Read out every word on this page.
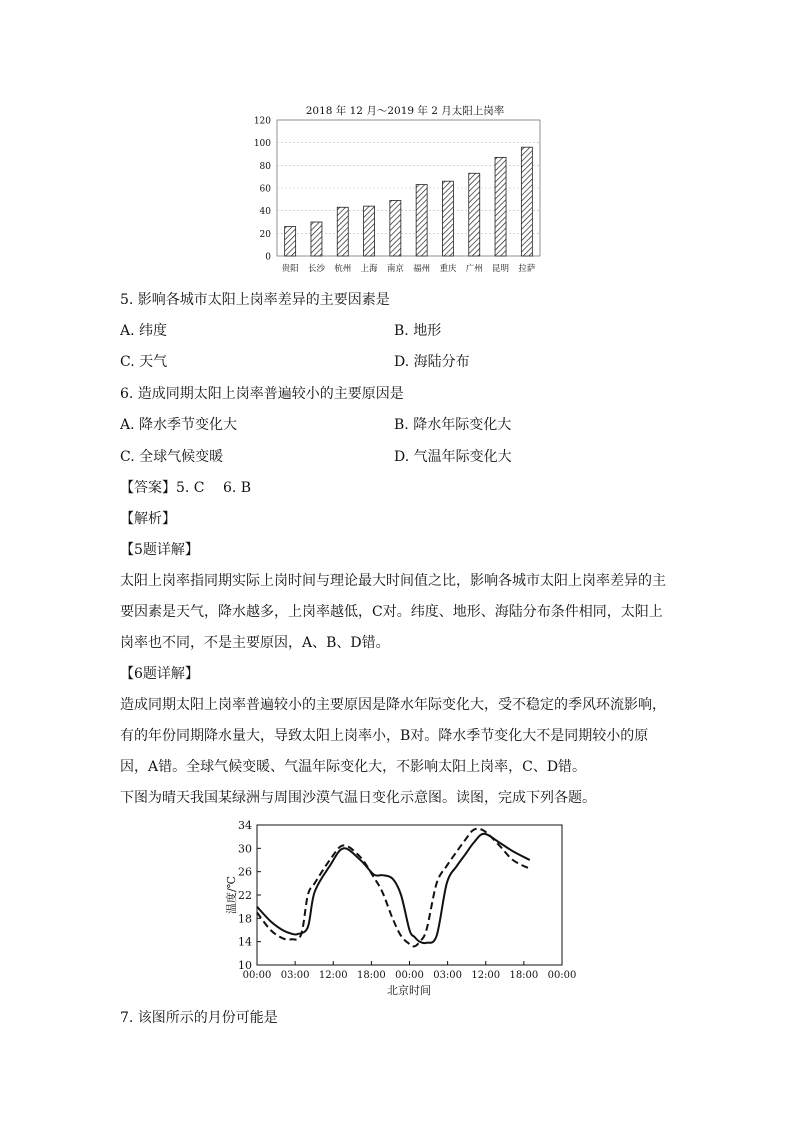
2018 年 12 月～2019 年 2 月太阳上岗率
0
20
40
60
80
100
120
贵阳 长沙 杭州 上海 南京 福州 重庆 广州 昆明 拉萨
5. 影响各城市太阳上岗率差异的主要因素是
A. 纬度	B. 地形
C. 天气	D. 海陆分布
6. 造成同期太阳上岗率普遍较小的主要原因是
A. 降水季节变化大	B. 降水年际变化大
C. 全球气候变暖	D. 气温年际变化大
【答案】5. C　 6. B
【解析】
【5题详解】
太阳上岗率指同期实际上岗时间与理论最大时间值之比，影响各城市太阳上岗率差异的主要因素是天气，降水越多，上岗率越低，C对。纬度、地形、海陆分布条件相同，太阳上岗率也不同，不是主要原因，A、B、D错。
【6题详解】
造成同期太阳上岗率普遍较小的主要原因是降水年际变化大，受不稳定的季风环流影响，有的年份同期降水量大，导致太阳上岗率小，B对。降水季节变化大不是同期较小的原因，A错。全球气候变暖、气温年际变化大，不影响太阳上岗率，C、D错。
下图为晴天我国某绿洲与周围沙漠气温日变化示意图。读图，完成下列各题。
10
14
18
22
26
30
34
00:00 03:00 12:00 18:00 00:00 03:00 12:00 18:00 00:00
温度/℃
北京时间
7. 该图所示的月份可能是
